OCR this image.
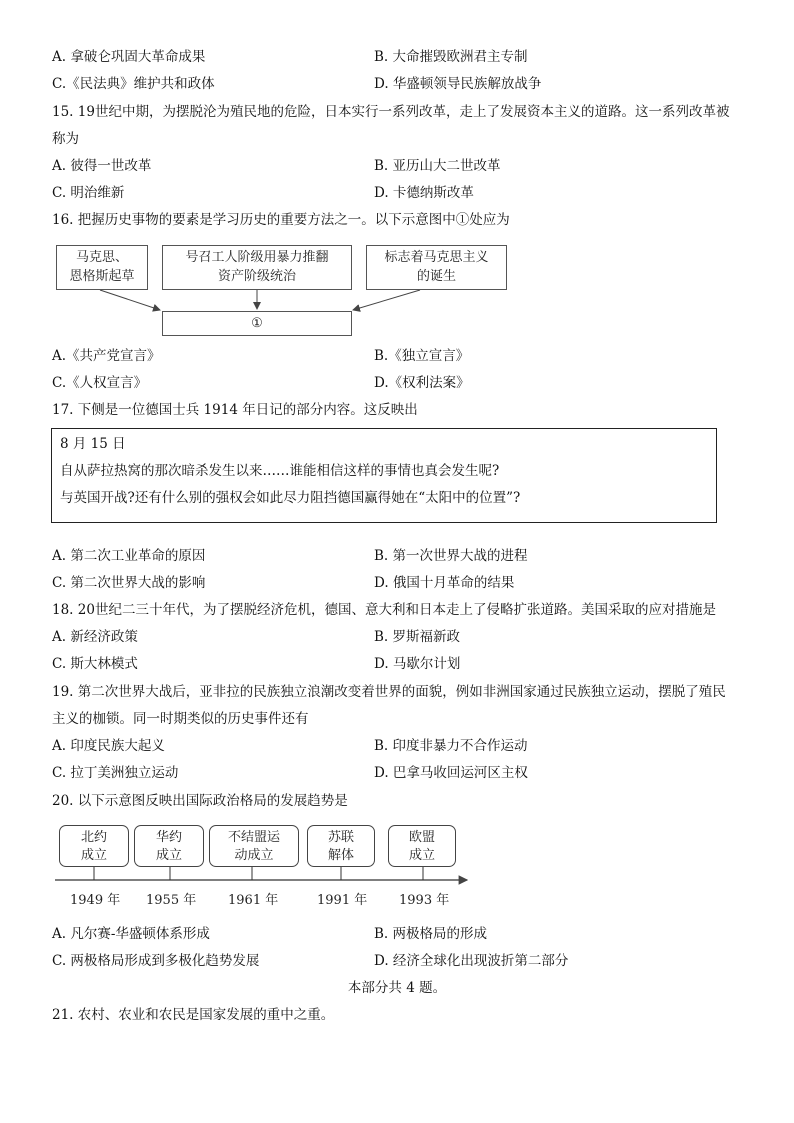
A. 拿破仑巩固大革命成果	B. 大命摧毁欧洲君主专制
C.《民法典》维护共和政体	D. 华盛顿领导民族解放战争
15. 19世纪中期，为摆脱沦为殖民地的危险，日本实行一系列改革，走上了发展资本主义的道路。这一系列改革被
称为
A. 彼得一世改革	B. 亚历山大二世改革
C. 明治维新	D. 卡德纳斯改革
16. 把握历史事物的要素是学习历史的重要方法之一。以下示意图中①处应为
马克思、
恩格斯起草
号召工人阶级用暴力推翻
资产阶级统治
标志着马克思主义
的诞生
①
A.《共产党宣言》	B.《独立宣言》
C.《人权宣言》	D.《权利法案》
17. 下侧是一位德国士兵 1914 年日记的部分内容。这反映出
8 月 15 日
自从萨拉热窝的那次暗杀发生以来……谁能相信这样的事情也真会发生呢?
与英国开战?还有什么别的强权会如此尽力阻挡德国赢得她在“太阳中的位置”?
A. 第二次工业革命的原因	B. 第一次世界大战的进程
C. 第二次世界大战的影响	D. 俄国十月革命的结果
18. 20世纪二三十年代，为了摆脱经济危机，德国、意大利和日本走上了侵略扩张道路。美国采取的应对措施是
A. 新经济政策	B. 罗斯福新政
C. 斯大林模式	D. 马歇尔计划
19. 第二次世界大战后，亚非拉的民族独立浪潮改变着世界的面貌，例如非洲国家通过民族独立运动，摆脱了殖民
主义的枷锁。同一时期类似的历史事件还有
A. 印度民族大起义	B. 印度非暴力不合作运动
C. 拉丁美洲独立运动	D. 巴拿马收回运河区主权
20. 以下示意图反映出国际政治格局的发展趋势是
北约
成立
华约
成立
不结盟运
动成立
苏联
解体
欧盟
成立
1949 年 1955 年 1961 年	1991 年 1993 年
A. 凡尔赛-华盛顿体系形成	B. 两极格局的形成
C. 两极格局形成到多极化趋势发展	D. 经济全球化出现波折第二部分
本部分共 4 题。
21. 农村、农业和农民是国家发展的重中之重。
